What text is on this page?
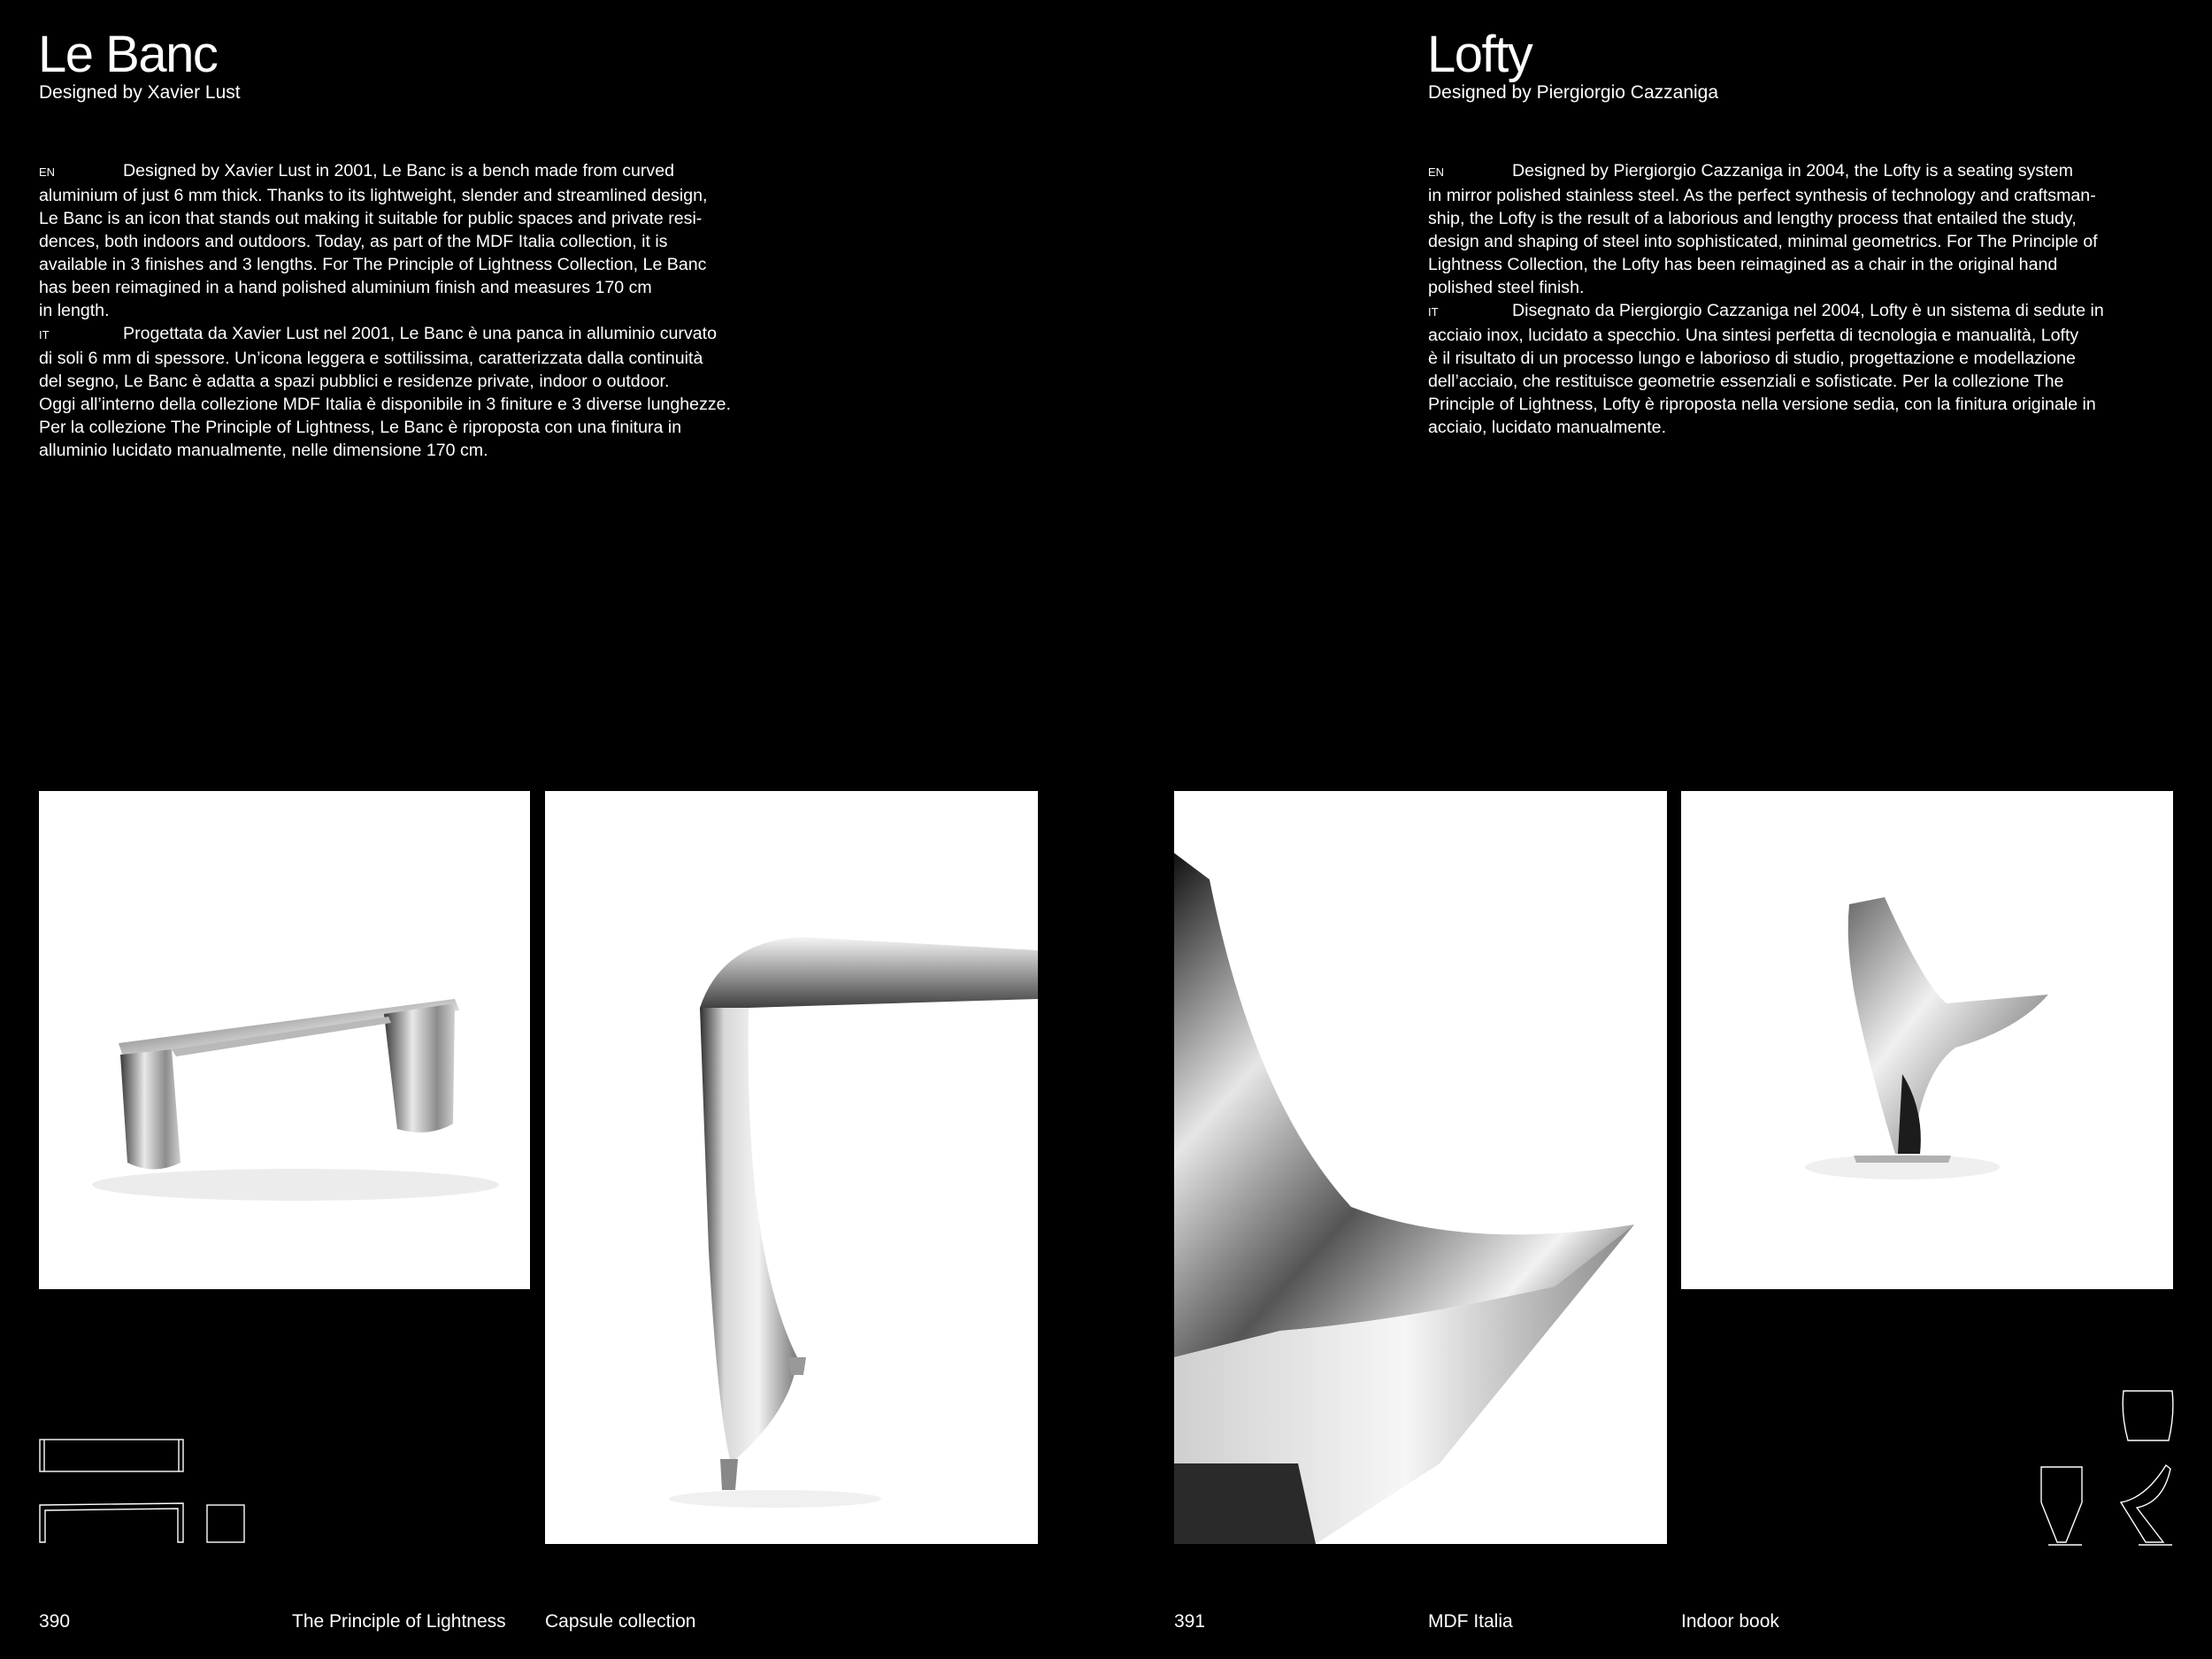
Le Banc
Designed by Xavier Lust
EN	Designed by Xavier Lust in 2001, Le Banc is a bench made from curved
aluminium of just 6 mm thick. Thanks to its lightweight, slender and streamlined design,
Le Banc is an icon that stands out making it suitable for public spaces and private resi-
dences, both indoors and outdoors. Today, as part of the MDF Italia collection, it is
available in 3 finishes and 3 lengths. For The Principle of Lightness Collection, Le Banc
has been reimagined in a hand polished aluminium finish and measures 170 cm
in length.
IT	Progettata da Xavier Lust nel 2001, Le Banc è una panca in alluminio curvato
di soli 6 mm di spessore. Un’icona leggera e sottilissima, caratterizzata dalla continuità
del segno, Le Banc è adatta a spazi pubblici e residenze private, indoor o outdoor.
Oggi all’interno della collezione MDF Italia è disponibile in 3 finiture e 3 diverse lunghezze.
Per la collezione The Principle of Lightness, Le Banc è riproposta con una finitura in
alluminio lucidato manualmente, nelle dimensione 170 cm.
390	The Principle of Lightness Capsule collection
Lofty
Designed by Piergiorgio Cazzaniga
EN	Designed by Piergiorgio Cazzaniga in 2004, the Lofty is a seating system
in mirror polished stainless steel. As the perfect synthesis of technology and craftsman-
ship, the Lofty is the result of a laborious and lengthy process that entailed the study,
design and shaping of steel into sophisticated, minimal geometrics. For The Principle of
Lightness Collection, the Lofty has been reimagined as a chair in the original hand
polished steel finish.
IT	Disegnato da Piergiorgio Cazzaniga nel 2004, Lofty è un sistema di sedute in
acciaio inox, lucidato a specchio. Una sintesi perfetta di tecnologia e manualità, Lofty
è il risultato di un processo lungo e laborioso di studio, progettazione e modellazione
dell’acciaio, che restituisce geometrie essenziali e sofisticate. Per la collezione The
Principle of Lightness, Lofty è riproposta nella versione sedia, con la finitura originale in
acciaio, lucidato manualmente.
391	MDF Italia	Indoor book
